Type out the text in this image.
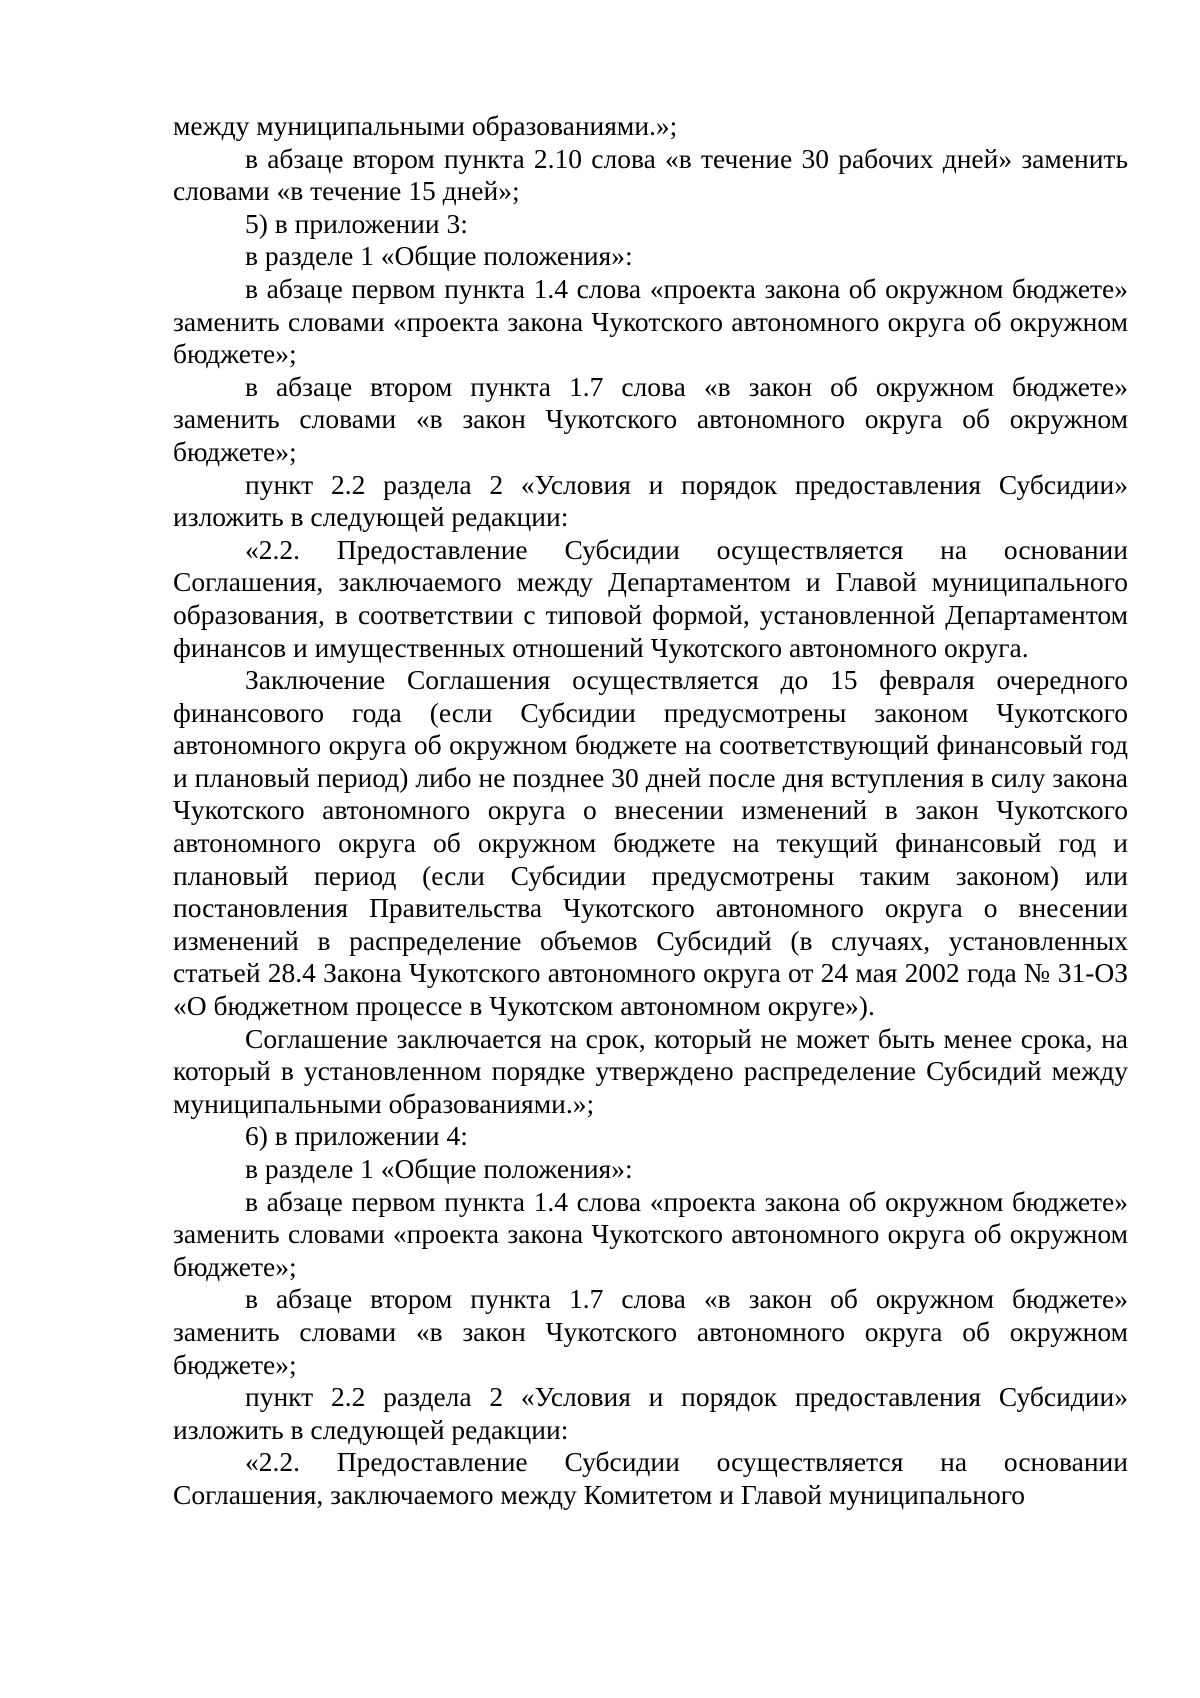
между муниципальными образованиями.»;

в абзаце втором пункта 2.10 слова «в течение 30 рабочих дней» заменить словами «в течение 15 дней»;

5) в приложении 3:

в разделе 1 «Общие положения»:

в абзаце первом пункта 1.4 слова «проекта закона об окружном бюджете» заменить словами «проекта закона Чукотского автономного округа об окружном бюджете»;

в абзаце втором пункта 1.7 слова «в закон об окружном бюджете» заменить словами «в закон Чукотского автономного округа об окружном бюджете»;

пункт 2.2 раздела 2 «Условия и порядок предоставления Субсидии» изложить в следующей редакции:

«2.2. Предоставление Субсидии осуществляется на основании Соглашения, заключаемого между Департаментом и Главой муниципального образования, в соответствии с типовой формой, установленной Департаментом финансов и имущественных отношений Чукотского автономного округа.

Заключение Соглашения осуществляется до 15 февраля очередного финансового года (если Субсидии предусмотрены законом Чукотского автономного округа об окружном бюджете на соответствующий финансовый год и плановый период) либо не позднее 30 дней после дня вступления в силу закона Чукотского автономного округа о внесении изменений в закон Чукотского автономного округа об окружном бюджете на текущий финансовый год и плановый период (если Субсидии предусмотрены таким законом) или постановления Правительства Чукотского автономного округа о внесении изменений в распределение объемов Субсидий (в случаях, установленных статьей 28.4 Закона Чукотского автономного округа от 24 мая 2002 года № 31-ОЗ «О бюджетном процессе в Чукотском автономном округе»).

Соглашение заключается на срок, который не может быть менее срока, на который в установленном порядке утверждено распределение Субсидий между муниципальными образованиями.»;

6) в приложении 4:

в разделе 1 «Общие положения»:

в абзаце первом пункта 1.4 слова «проекта закона об окружном бюджете» заменить словами «проекта закона Чукотского автономного округа об окружном бюджете»;

в абзаце втором пункта 1.7 слова «в закон об окружном бюджете» заменить словами «в закон Чукотского автономного округа об окружном бюджете»;

пункт 2.2 раздела 2 «Условия и порядок предоставления Субсидии» изложить в следующей редакции:

«2.2. Предоставление Субсидии осуществляется на основании Соглашения, заключаемого между Комитетом и Главой муниципального
